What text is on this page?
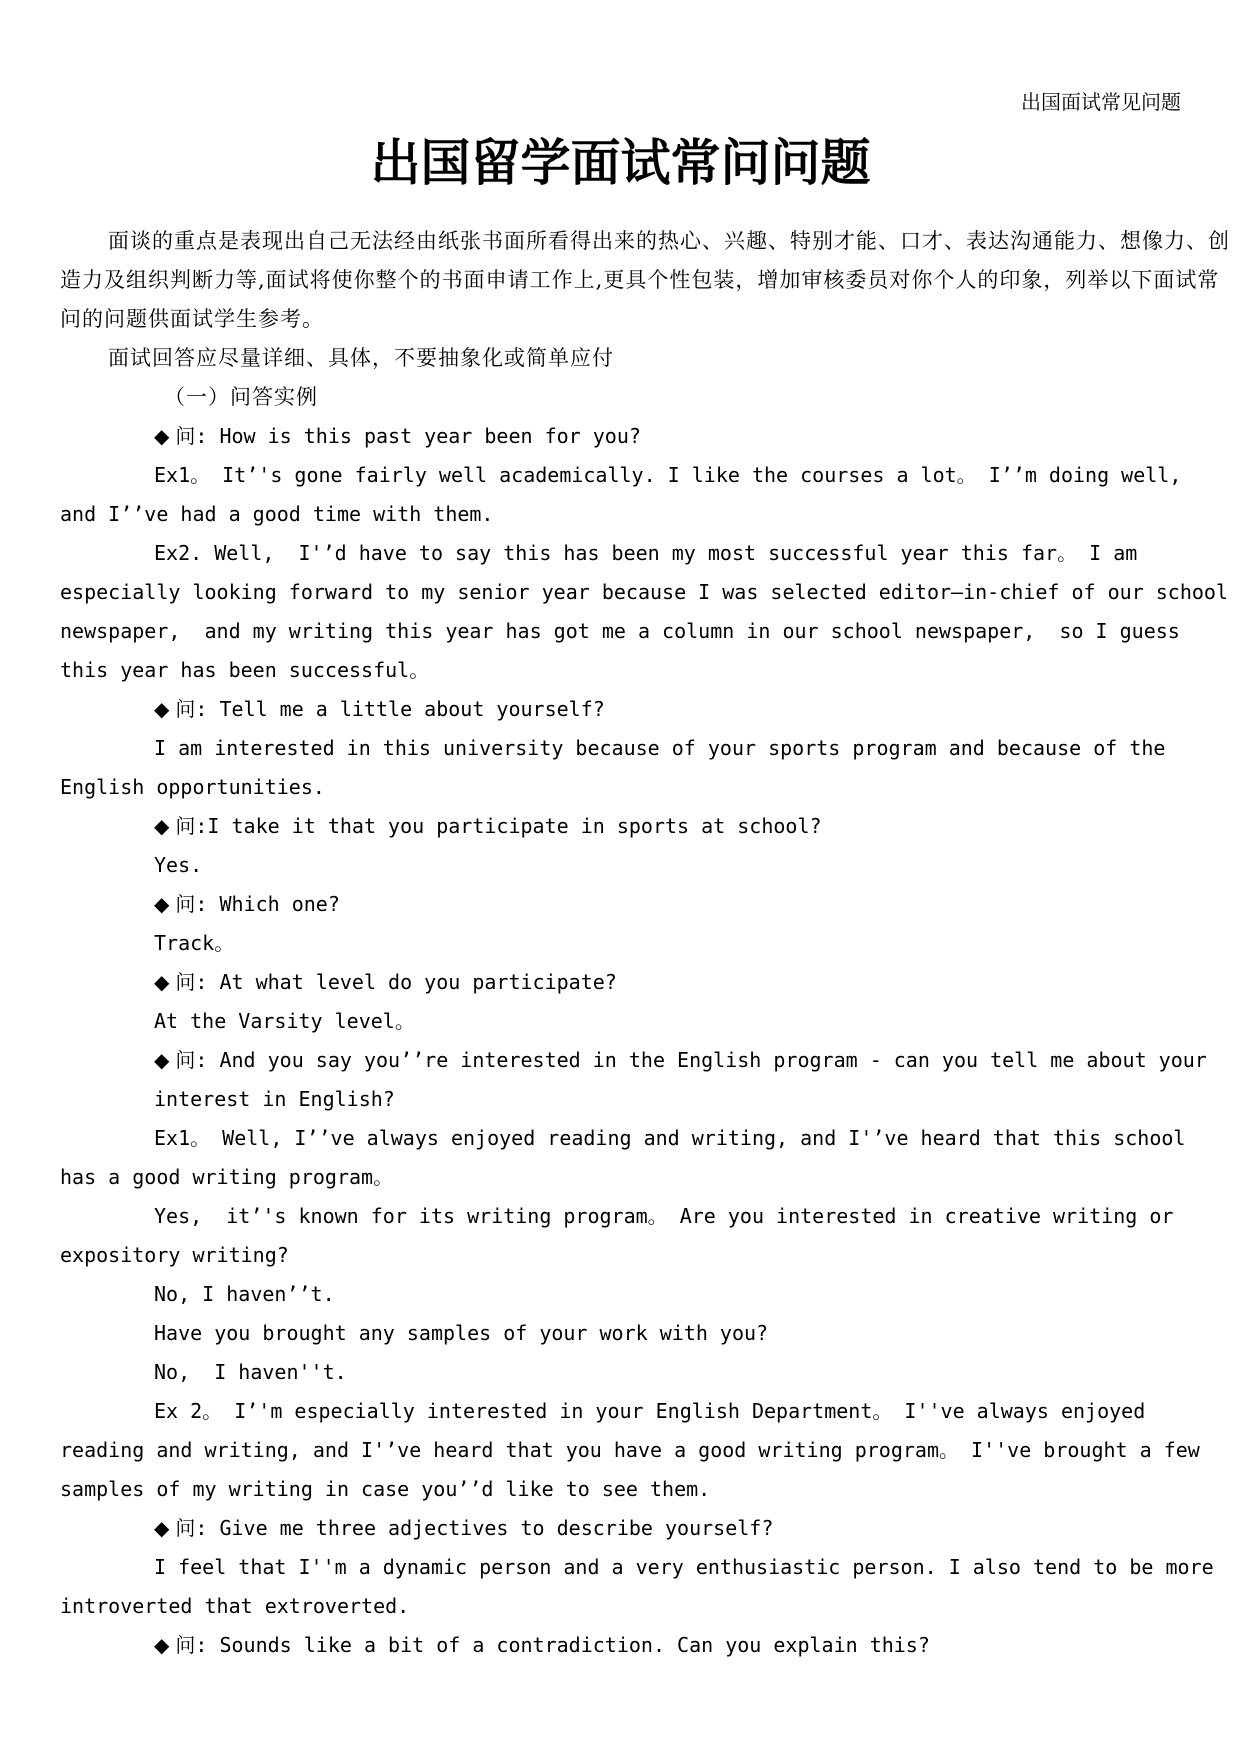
出国面试常见问题
出国留学面试常问问题

面谈的重点是表现出自己无法经由纸张书面所看得出来的热心、兴趣、特别才能、口才、表达沟通能力、想像力、创造力及组织判断力等,面试将使你整个的书面申请工作上,更具个性包装，增加审核委员对你个人的印象，列举以下面试常问的问题供面试学生参考。

面试回答应尽量详细、具体，不要抽象化或简单应付

（一）问答实例

◆ 问: How is this past year been for you?

Ex1。 It’'s gone fairly well academically. I like the courses a lot。 I’’m doing well,  and I’’ve had a good time with them.

Ex2. Well,  I'’d have to say this has been my most successful year this far。 I am especially looking forward to my senior year because I was selected editor—in-chief of our school newspaper,  and my writing this year has got me a column in our school newspaper,  so I guess this year has been successful。

◆ 问: Tell me a little about yourself?

I am interested in this university because of your sports program and because of the English opportunities.

◆ 问:I take it that you participate in sports at school?

Yes.

◆ 问: Which one?

Track。

◆ 问: At what level do you participate?

At the Varsity level。

◆ 问: And you say you’’re interested in the English program - can you tell me about your interest in English?

Ex1。 Well, I’’ve always enjoyed reading and writing, and I'’ve heard that this school has a good writing program。

Yes,  it’'s known for its writing program。 Are you interested in creative writing or expository writing?

No, I haven’’t.

Have you brought any samples of your work with you?

No,  I haven''t.

Ex 2。 I’'m especially interested in your English Department。 I''ve always enjoyed reading and writing, and I'’ve heard that you have a good writing program。 I''ve brought a few samples of my writing in case you’’d like to see them.

◆ 问: Give me three adjectives to describe yourself?

I feel that I''m a dynamic person and a very enthusiastic person. I also tend to be more introverted that extroverted.

◆ 问: Sounds like a bit of a contradiction. Can you explain this?
